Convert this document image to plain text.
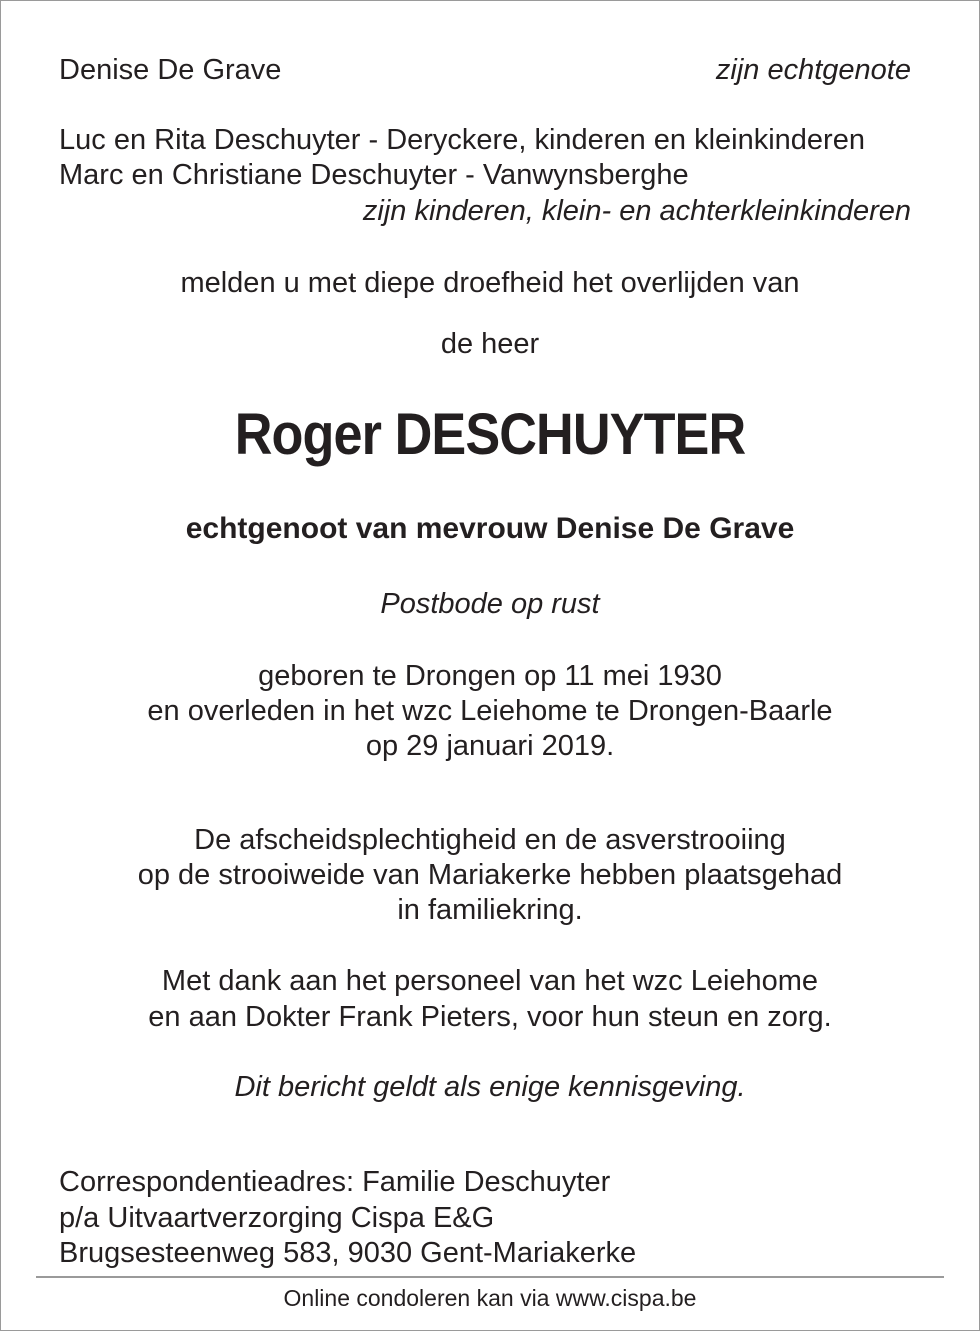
Denise De Grave	zijn echtgenote
Luc en Rita Deschuyter - Deryckere, kinderen en kleinkinderen
Marc en Christiane Deschuyter - Vanwynsberghe
zijn kinderen, klein- en achterkleinkinderen
melden u met diepe droefheid het overlijden van
de heer
Roger DESCHUYTER
echtgenoot van mevrouw Denise De Grave
Postbode op rust
geboren te Drongen op 11 mei 1930
en overleden in het wzc Leiehome te Drongen-Baarle
op 29 januari 2019.
De afscheidsplechtigheid en de asverstrooiing
op de strooiweide van Mariakerke hebben plaatsgehad
in familiekring.
Met dank aan het personeel van het wzc Leiehome
en aan Dokter Frank Pieters, voor hun steun en zorg.
Dit bericht geldt als enige kennisgeving.
Correspondentieadres: Familie Deschuyter
p/a Uitvaartverzorging Cispa E&G
Brugsesteenweg 583, 9030 Gent-Mariakerke
Online condoleren kan via www.cispa.be
